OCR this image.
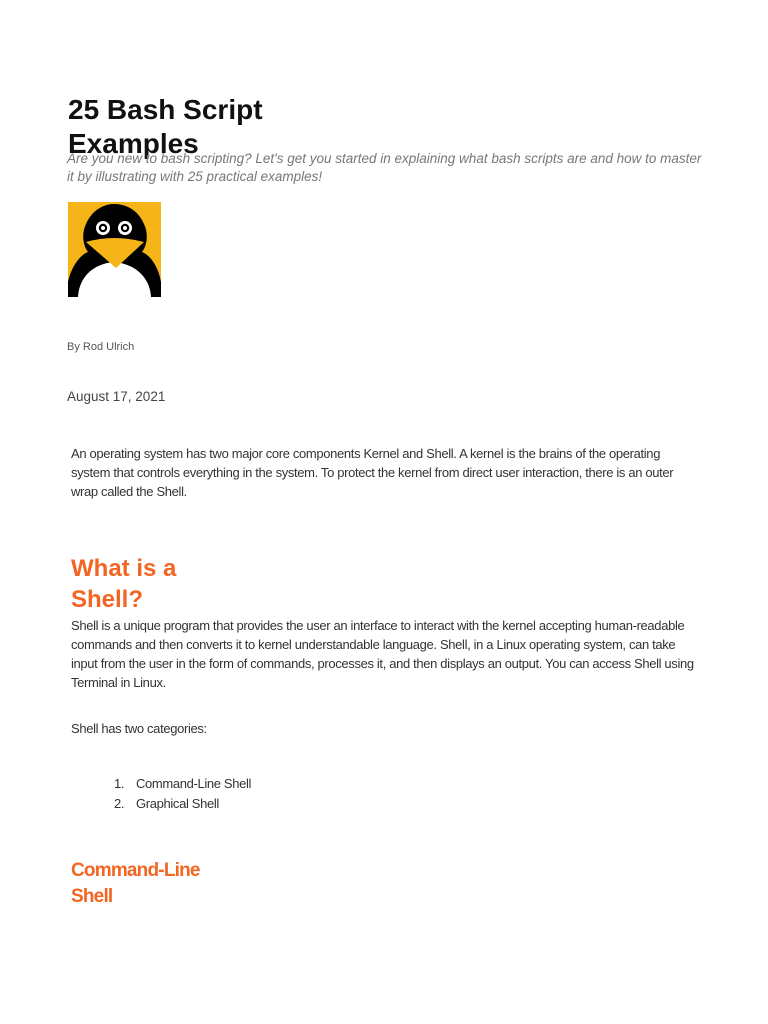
25 Bash Script Examples

Are you new to bash scripting? Let's get you started in explaining what bash scripts are and how to master it by illustrating with 25 practical examples!

By Rod Ulrich

August 17, 2021

An operating system has two major core components Kernel and Shell. A kernel is the brains of the operating system that controls everything in the system. To protect the kernel from direct user interaction, there is an outer wrap called the Shell.

What is a Shell?

Shell is a unique program that provides the user an interface to interact with the kernel accepting human-readable commands and then converts it to kernel understandable language. Shell, in a Linux operating system, can take input from the user in the form of commands, processes it, and then displays an output. You can access Shell using Terminal in Linux.

Shell has two categories:

1. Command-Line Shell
2. Graphical Shell
Command-Line Shell
